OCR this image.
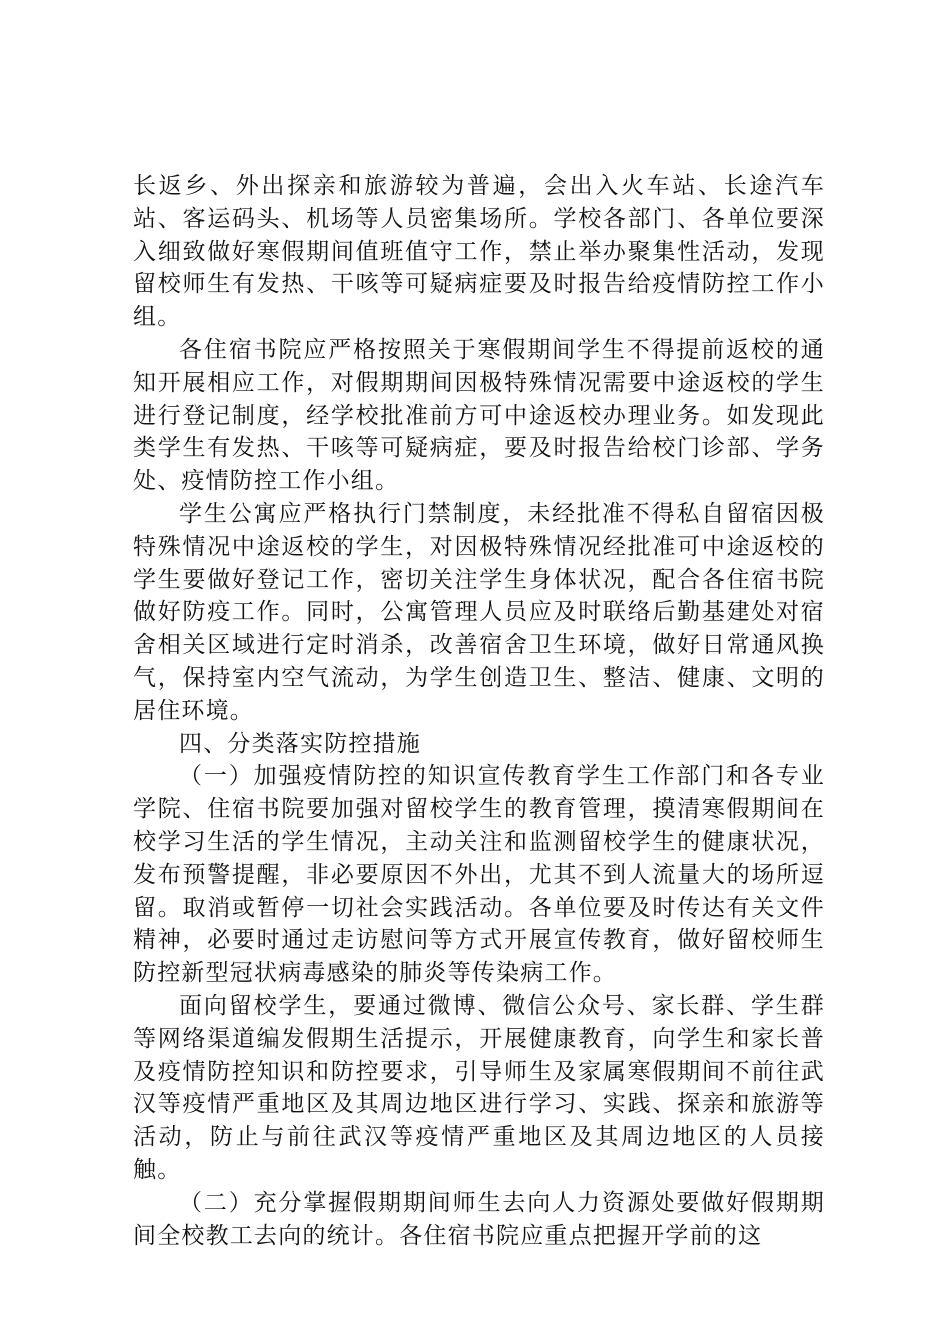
长返乡、外出探亲和旅游较为普遍，会出入火车站、长途汽车站、客运码头、机场等人员密集场所。学校各部门、各单位要深入细致做好寒假期间值班值守工作，禁止举办聚集性活动，发现留校师生有发热、干咳等可疑病症要及时报告给疫情防控工作小组。

各住宿书院应严格按照关于寒假期间学生不得提前返校的通知开展相应工作，对假期期间因极特殊情况需要中途返校的学生进行登记制度，经学校批准前方可中途返校办理业务。如发现此类学生有发热、干咳等可疑病症，要及时报告给校门诊部、学务处、疫情防控工作小组。

学生公寓应严格执行门禁制度，未经批准不得私自留宿因极特殊情况中途返校的学生，对因极特殊情况经批准可中途返校的学生要做好登记工作，密切关注学生身体状况，配合各住宿书院做好防疫工作。同时，公寓管理人员应及时联络后勤基建处对宿舍相关区域进行定时消杀，改善宿舍卫生环境，做好日常通风换气，保持室内空气流动，为学生创造卫生、整洁、健康、文明的居住环境。

四、分类落实防控措施

（一）加强疫情防控的知识宣传教育学生工作部门和各专业学院、住宿书院要加强对留校学生的教育管理，摸清寒假期间在校学习生活的学生情况，主动关注和监测留校学生的健康状况，发布预警提醒，非必要原因不外出，尤其不到人流量大的场所逗留。取消或暂停一切社会实践活动。各单位要及时传达有关文件精神，必要时通过走访慰问等方式开展宣传教育，做好留校师生防控新型冠状病毒感染的肺炎等传染病工作。

面向留校学生，要通过微博、微信公众号、家长群、学生群等网络渠道编发假期生活提示，开展健康教育，向学生和家长普及疫情防控知识和防控要求，引导师生及家属寒假期间不前往武汉等疫情严重地区及其周边地区进行学习、实践、探亲和旅游等活动，防止与前往武汉等疫情严重地区及其周边地区的人员接触。

（二）充分掌握假期期间师生去向人力资源处要做好假期期间全校教工去向的统计。各住宿书院应重点把握开学前的这
